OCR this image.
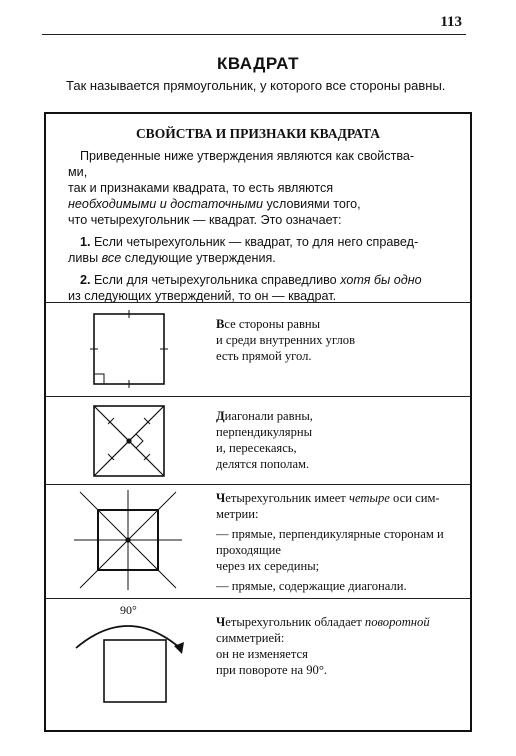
113
КВАДРАТ
Так называется прямоугольник, у которого все стороны равны.
СВОЙСТВА И ПРИЗНАКИ КВАДРАТА

Приведенные ниже утверждения являются как свойства-

ми,

так и признаками квадрата, то есть являются

необходимыми и достаточными условиями того,

что четырехугольник — квадрат. Это означает:

1. Если четырехугольник — квадрат, то для него справед-

ливы все следующие утверждения.

2. Если для четырехугольника справедливо хотя бы одно

из следующих утверждений, то он — квадрат.

Все стороны равны

и среди внутренних углов

есть прямой угол.

Диагонали равны,

перпендикулярны

и, пересекаясь,

делятся пополам.

Четырехугольник имеет четыре оси сим-

метрии:

— прямые, перпендикулярные сторонам и

проходящие

через их середины;

— прямые, содержащие диагонали.

90°

Четырехугольник обладает поворотной

симметрией:

он не изменяется

при повороте на 90°.
